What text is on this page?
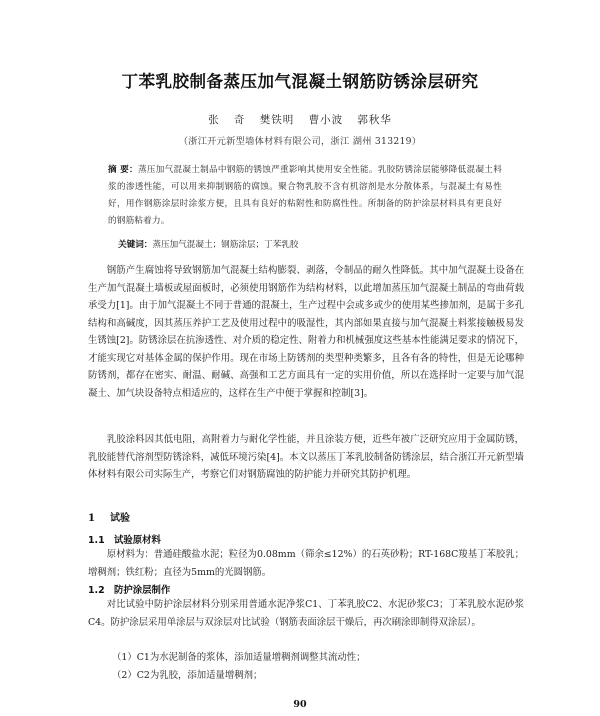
丁苯乳胶制备蒸压加气混凝土钢筋防锈涂层研究
张 奇 樊铁明 曹小波 郭秋华
（浙江开元新型墙体材料有限公司，浙江 湖州 313219）
摘 要：蒸压加气混凝土制品中钢筋的锈蚀严重影响其使用安全性能。乳胶防锈涂层能够降低混凝土料浆的渗透性能，可以用来抑制钢筋的腐蚀。聚合物乳胶不含有机溶剂是水分散体系，与混凝土有易性好，用作钢筋涂层时涂浆方便，且具有良好的粘附性和防腐性性。所制备的防护涂层材料具有更良好的钢筋粘着力。
关键词：蒸压加气混凝土；钢筋涂层；丁苯乳胶
钢筋产生腐蚀将导致钢筋加气混凝土结构膨裂、剥落，令制品的耐久性降低。其中加气混凝土设备在生产加气混凝土墙板或屋面板时，必须使用钢筋作为结构材料，以此增加蒸压加气混凝土制品的弯曲荷载承受力[1]。由于加气混凝土不同于普通的混凝土，生产过程中会或多或少的使用某些掺加剂，是属于多孔结构和高碱度，因其蒸压养护工艺及使用过程中的吸湿性，其内部如果直接与加气混凝土料浆接触极易发生锈蚀[2]。防锈涂层在抗渗透性、对介质的稳定性、附着力和机械强度这些基本性能满足要求的情况下，才能实现它对基体金属的保护作用。现在市场上防锈剂的类型种类繁多，且各有各的特性，但是无论哪种防锈剂，都存在密实、耐温、耐碱、高强和工艺方面具有一定的实用价值，所以在选择时一定要与加气混凝土、加气块设备特点相适应的，这样在生产中便于掌握和控制[3]。
乳胶涂料因其低电阻，高附着力与耐化学性能，并且涂装方便，近些年被广泛研究应用于金属防锈，乳胶能替代溶剂型防锈涂料，减低环境污染[4]。本文以蒸压丁苯乳胶制备防锈涂层，结合浙江开元新型墙体材料有限公司实际生产，考察它们对钢筋腐蚀的防护能力并研究其防护机理。
1 试验
1.1 试验原材料
原材料为：普通硅酸盐水泥；粒径为0.08mm（筛余≤12%）的石英砂粉；RT-168C羧基丁苯胶乳；增稠剂；铁红粉；直径为5mm的光圆钢筋。
1.2 防护涂层制作
对比试验中防护涂层材料分别采用普通水泥净浆C1、丁苯乳胶C2、水泥砂浆C3；丁苯乳胶水泥砂浆C4。防护涂层采用单涂层与双涂层对比试验（钢筋表面涂层干燥后，再次刷涂即制得双涂层）。
（1）C1为水泥制备的浆体，添加适量增稠剂调整其流动性；
（2）C2为乳胶，添加适量增稠剂；
90
